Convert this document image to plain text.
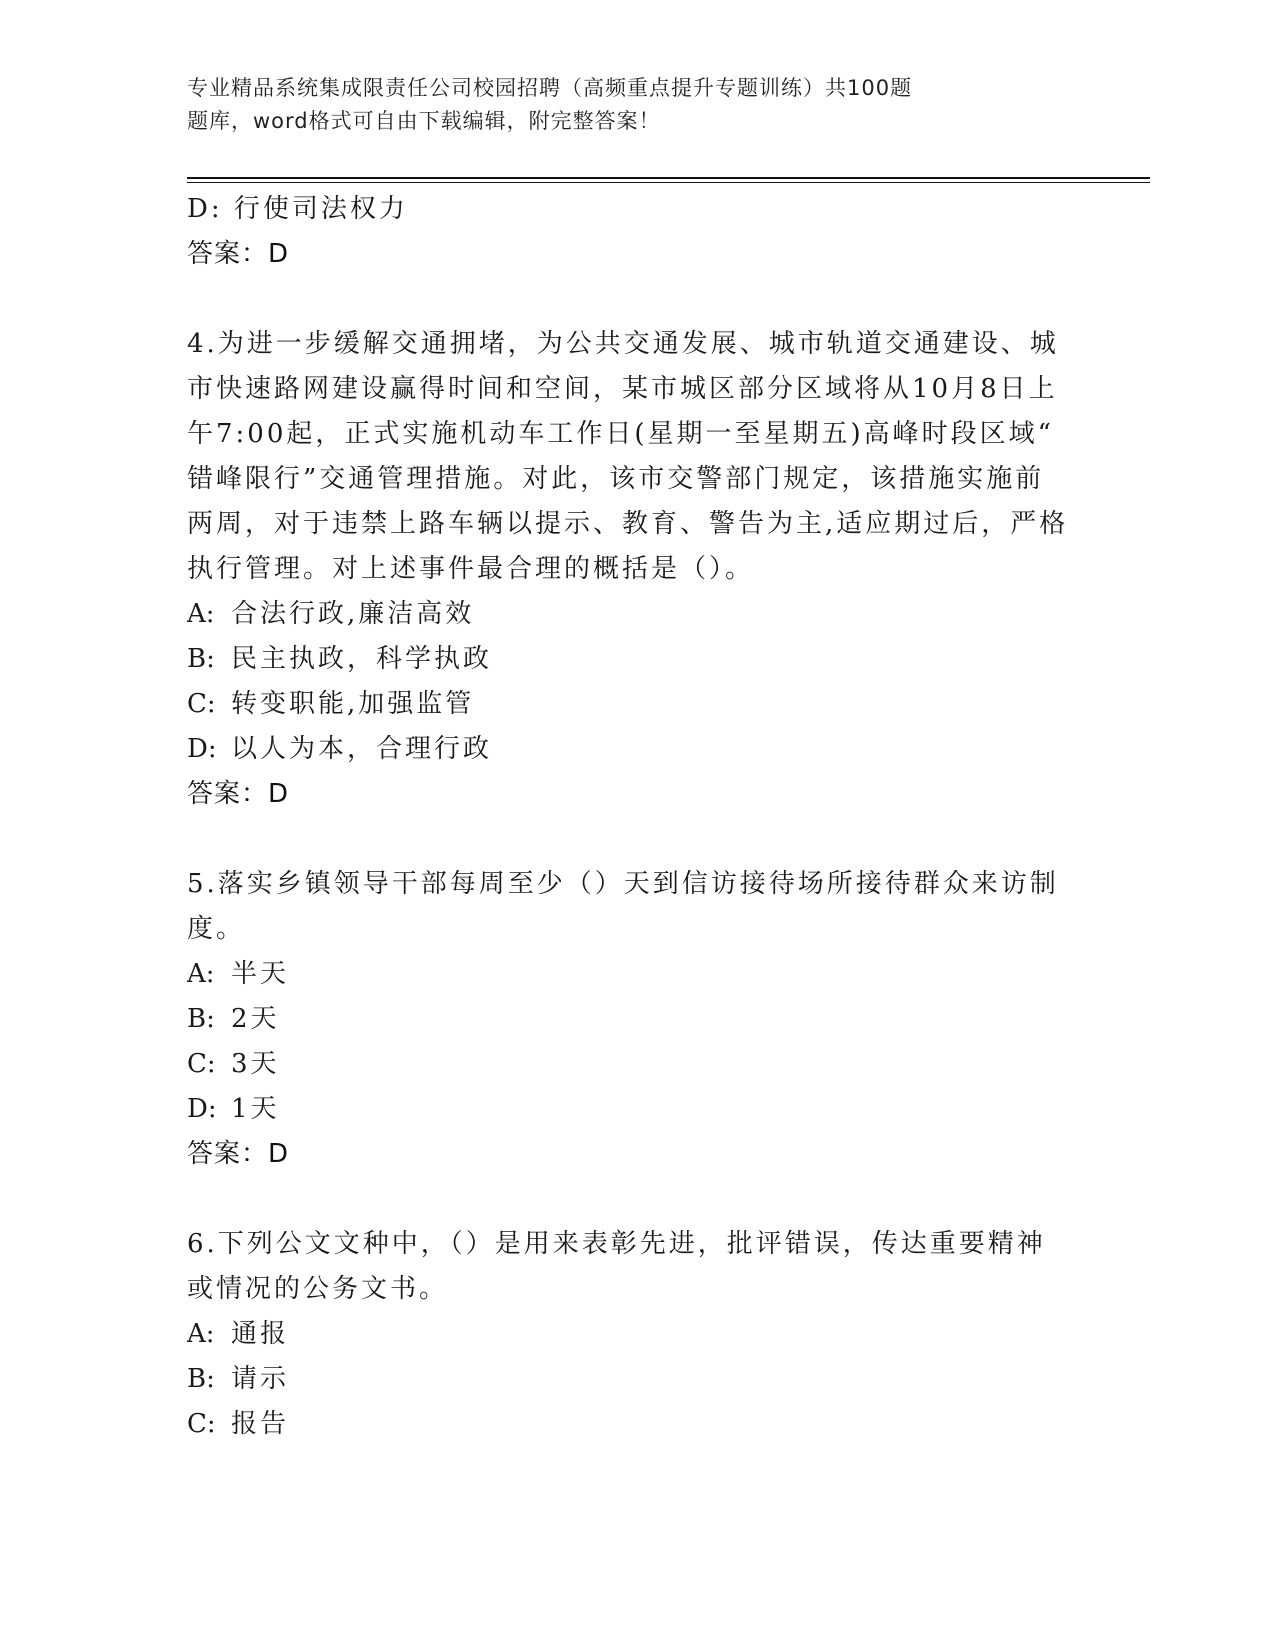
专业精品系统集成限责任公司校园招聘（高频重点提升专题训练）共100题
题库，word格式可自由下载编辑，附完整答案！
D: 行使司法权力
答案：D
4.为进一步缓解交通拥堵，为公共交通发展、城市轨道交通建设、城
市快速路网建设赢得时间和空间，某市城区部分区域将从10月8日上
午7:00起，正式实施机动车工作日(星期一至星期五)高峰时段区域“
错峰限行”交通管理措施。对此，该市交警部门规定，该措施实施前
两周，对于违禁上路车辆以提示、教育、警告为主,适应期过后，严格
执行管理。对上述事件最合理的概括是（）。
A: 合法行政,廉洁高效
B: 民主执政，科学执政
C: 转变职能,加强监管
D: 以人为本，合理行政
答案：D
5.落实乡镇领导干部每周至少（）天到信访接待场所接待群众来访制
度。
A: 半天
B: 2天
C: 3天
D: 1天
答案：D
6.下列公文文种中，（）是用来表彰先进，批评错误，传达重要精神
或情况的公务文书。
A: 通报
B: 请示
C: 报告
